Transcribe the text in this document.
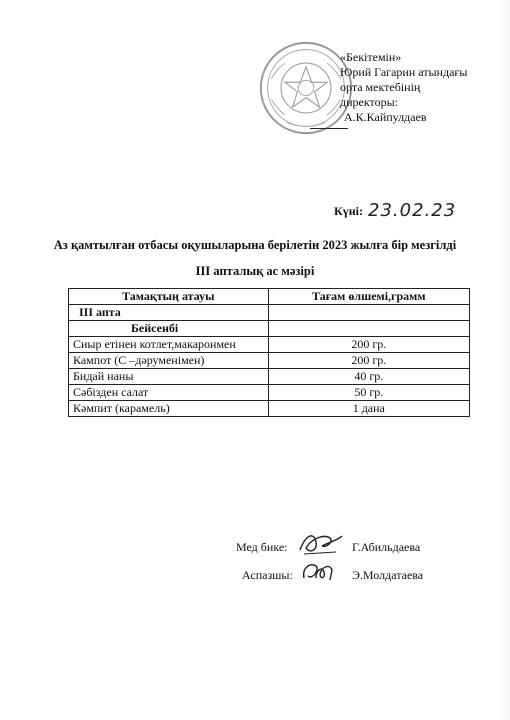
«Бекітемін»
Юрий Гагарин атындағы
орта мектебінің
директоры:
А.К.Кайпулдаев
Күні: 23.02.23
Аз қамтылған отбасы оқушыларына берілетін 2023 жылға бір мезгілді
III апталық ас мәзірі
Тамақтың атауы	Тағам өлшемі,грамм
III апта	
Бейсенбі	
Сиыр етінен котлет,макаронмен	200 гр.
Кампот (С –дәруменімен)	200 гр.
Бидай наны	40 гр.
Сәбізден салат	50 гр.
Кәмпит (карамель)	1 дана
Мед бике:	Г.Абильдаева
Аспазшы:	Э.Молдатаева
